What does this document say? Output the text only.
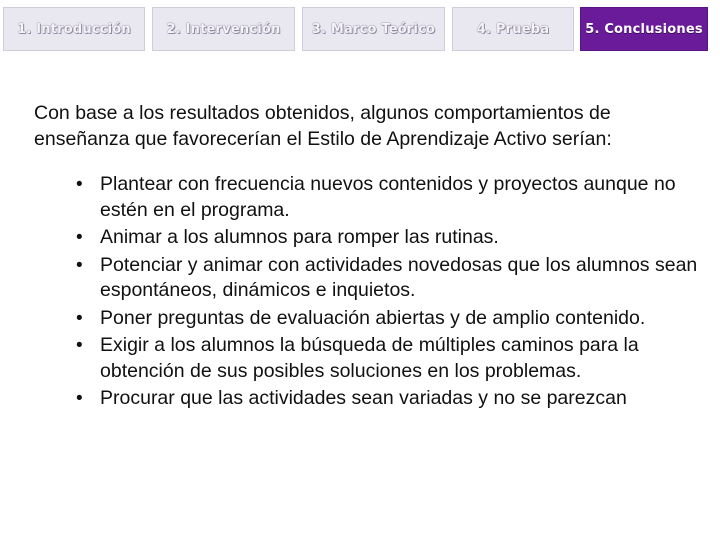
1. Introducción	2. Intervención	3. Marco Teórico	4. Prueba	5. Conclusiones

Con base a los resultados obtenidos, algunos comportamientos de enseñanza que favorecerían el Estilo de Aprendizaje Activo serían:

• Plantear con frecuencia nuevos contenidos y proyectos aunque no estén en el programa.
• Animar a los alumnos para romper las rutinas.
• Potenciar y animar con actividades novedosas que los alumnos sean espontáneos, dinámicos e inquietos.
• Poner preguntas de evaluación abiertas y de amplio contenido.
• Exigir a los alumnos la búsqueda de múltiples caminos para la obtención de sus posibles soluciones en los problemas.
• Procurar que las actividades sean variadas y no se parezcan
